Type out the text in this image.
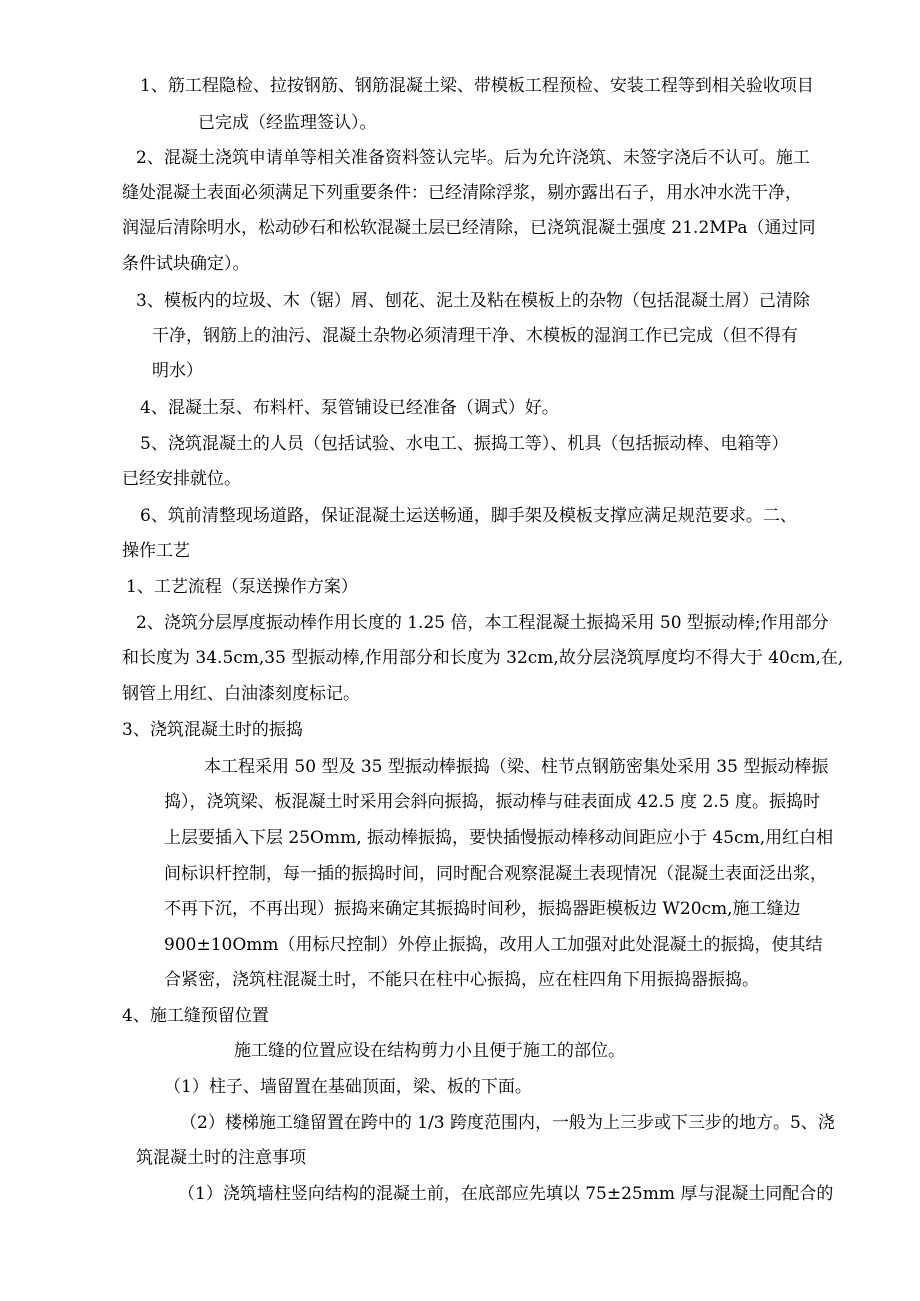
1、筋工程隐检、拉按钢筋、钢筋混凝土梁、带模板工程预检、安装工程等到相关验收项目
已完成（经监理签认）。
2、混凝土浇筑申请单等相关准备资料签认完毕。后为允许浇筑、未签字浇后不认可。施工
缝处混凝土表面必须满足下列重要条件：已经清除浮浆，剔亦露出石子，用水冲水洗干净，
润湿后清除明水，松动砂石和松软混凝土层已经清除，已浇筑混凝土强度 21.2MPa（通过同
条件试块确定）。
3、模板内的垃圾、木（锯）屑、刨花、泥土及粘在模板上的杂物（包括混凝土屑）己清除
干净，钢筋上的油污、混凝土杂物必须清理干净、木模板的湿润工作已完成（但不得有
明水）
4、混凝土泵、布料杆、泵管铺设已经准备（调式）好。
5、浇筑混凝土的人员（包括试验、水电工、振捣工等）、机具（包括振动棒、电箱等）
已经安排就位。
6、筑前清整现场道路，保证混凝土运送畅通，脚手架及模板支撑应满足规范要求。二、
操作工艺
1、工艺流程（泵送操作方案）
2、浇筑分层厚度振动棒作用长度的 1.25 倍，本工程混凝土振捣采用 50 型振动棒;作用部分
和长度为 34.5cm,35 型振动棒,作用部分和长度为 32cm,故分层浇筑厚度均不得大于 40cm,在,
钢管上用红、白油漆刻度标记。
3、浇筑混凝土时的振捣
本工程采用 50 型及 35 型振动棒振捣（梁、柱节点钢筋密集处采用 35 型振动棒振
捣），浇筑梁、板混凝土时采用会斜向振捣，振动棒与硅表面成 42.5 度 2.5 度。振捣时
上层要插入下层 25Omm, 振动棒振捣，要快插慢振动棒移动间距应小于 45cm,用红白相
间标识杆控制，每一插的振捣时间，同时配合观察混凝土表现情况（混凝土表面泛出浆，
不再下沉，不再出现）振捣来确定其振捣时间秒，振捣器距模板边 W20cm,施工缝边
900±10Omm（用标尺控制）外停止振捣，改用人工加强对此处混凝土的振捣，使其结
合紧密，浇筑柱混凝土时，不能只在柱中心振捣，应在柱四角下用振捣器振捣。
4、施工缝预留位置
施工缝的位置应设在结构剪力小且便于施工的部位。
（1）柱子、墙留置在基础顶面，梁、板的下面。
（2）楼梯施工缝留置在跨中的 1/3 跨度范围内，一般为上三步或下三步的地方。5、浇
筑混凝土时的注意事项
（1）浇筑墙柱竖向结构的混凝土前，在底部应先填以 75±25mm 厚与混凝土同配合的
